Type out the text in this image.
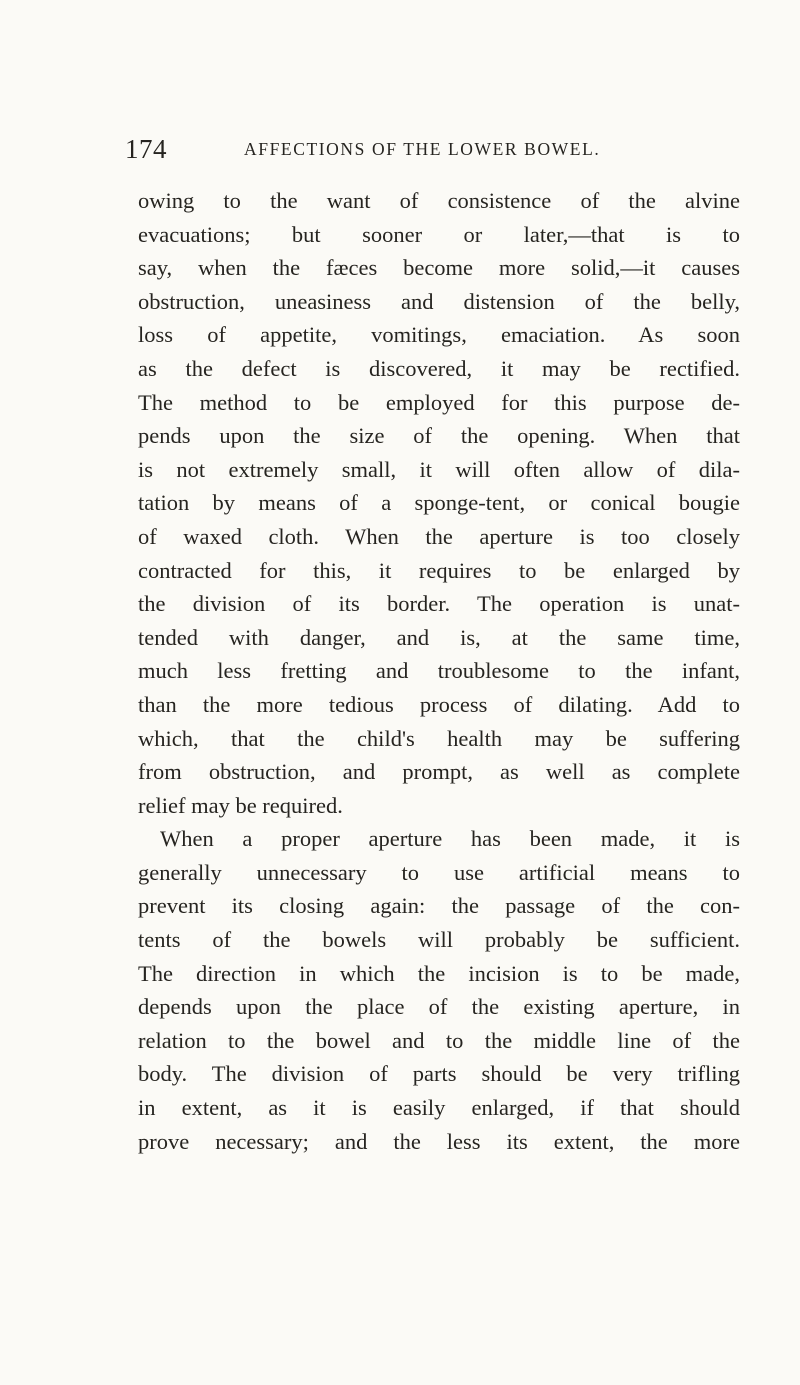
174	AFFECTIONS OF THE LOWER BOWEL.
owing to the want of consistence of the alvine
evacuations; but sooner or later,—that is to
say, when the fæces become more solid,—it causes
obstruction, uneasiness and distension of the belly,
loss of appetite, vomitings, emaciation. As soon
as the defect is discovered, it may be rectified.
The method to be employed for this purpose de-
pends upon the size of the opening. When that
is not extremely small, it will often allow of dila-
tation by means of a sponge-tent, or conical bougie
of waxed cloth. When the aperture is too closely
contracted for this, it requires to be enlarged by
the division of its border. The operation is unat-
tended with danger, and is, at the same time,
much less fretting and troublesome to the infant,
than the more tedious process of dilating. Add to
which, that the child's health may be suffering
from obstruction, and prompt, as well as complete
relief may be required.
When a proper aperture has been made, it is
generally unnecessary to use artificial means to
prevent its closing again: the passage of the con-
tents of the bowels will probably be sufficient.
The direction in which the incision is to be made,
depends upon the place of the existing aperture, in
relation to the bowel and to the middle line of the
body. The division of parts should be very trifling
in extent, as it is easily enlarged, if that should
prove necessary; and the less its extent, the more
